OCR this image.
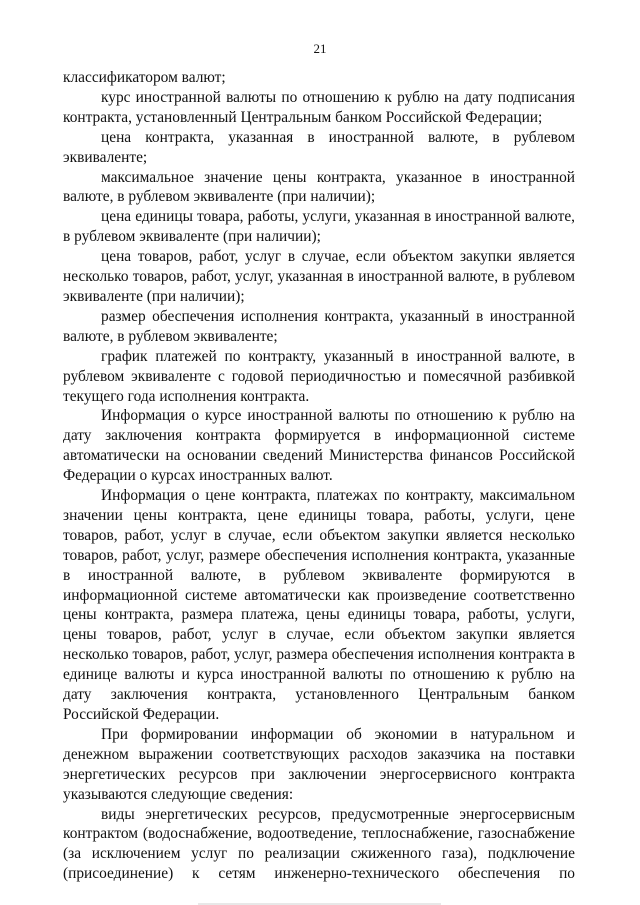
21

классификатором валют;

курс иностранной валюты по отношению к рублю на дату подписания контракта, установленный Центральным банком Российской Федерации;

цена контракта, указанная в иностранной валюте, в рублевом эквиваленте;

максимальное значение цены контракта, указанное в иностранной валюте, в рублевом эквиваленте (при наличии);

цена единицы товара, работы, услуги, указанная в иностранной валюте, в рублевом эквиваленте (при наличии);

цена товаров, работ, услуг в случае, если объектом закупки является несколько товаров, работ, услуг, указанная в иностранной валюте, в рублевом эквиваленте (при наличии);

размер обеспечения исполнения контракта, указанный в иностранной валюте, в рублевом эквиваленте;

график платежей по контракту, указанный в иностранной валюте, в рублевом эквиваленте с годовой периодичностью и помесячной разбивкой текущего года исполнения контракта.

Информация о курсе иностранной валюты по отношению к рублю на дату заключения контракта формируется в информационной системе автоматически на основании сведений Министерства финансов Российской Федерации о курсах иностранных валют.

Информация о цене контракта, платежах по контракту, максимальном значении цены контракта, цене единицы товара, работы, услуги, цене товаров, работ, услуг в случае, если объектом закупки является несколько товаров, работ, услуг, размере обеспечения исполнения контракта, указанные в иностранной валюте, в рублевом эквиваленте формируются в информационной системе автоматически как произведение соответственно цены контракта, размера платежа, цены единицы товара, работы, услуги, цены товаров, работ, услуг в случае, если объектом закупки является несколько товаров, работ, услуг, размера обеспечения исполнения контракта в единице валюты и курса иностранной валюты по отношению к рублю на дату заключения контракта, установленного Центральным банком Российской Федерации.

При формировании информации об экономии в натуральном и денежном выражении соответствующих расходов заказчика на поставки энергетических ресурсов при заключении энергосервисного контракта указываются следующие сведения:

виды энергетических ресурсов, предусмотренные энергосервисным контрактом (водоснабжение, водоотведение, теплоснабжение, газоснабжение (за исключением услуг по реализации сжиженного газа), подключение (присоединение) к сетям инженерно-технического обеспечения по
